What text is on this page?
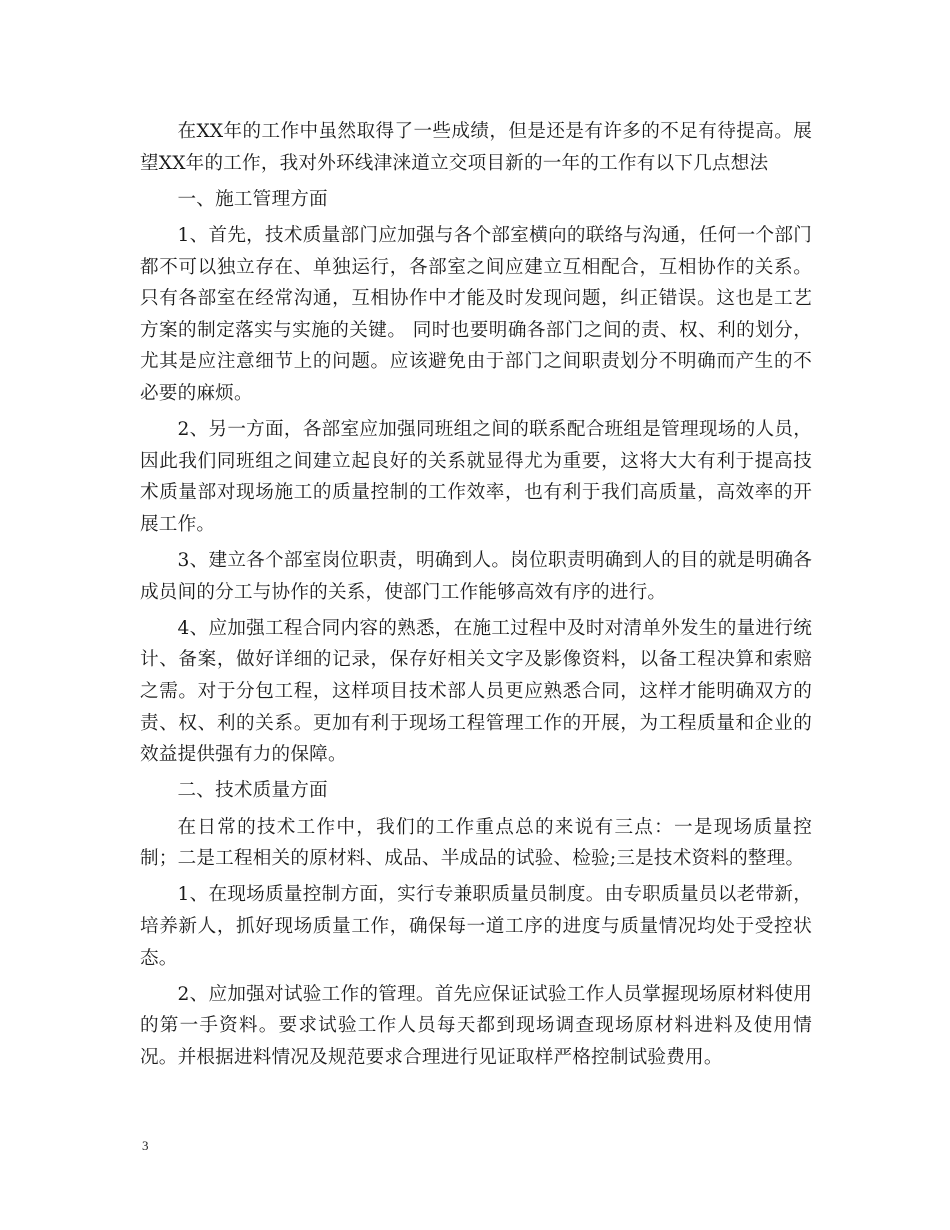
在XX年的工作中虽然取得了一些成绩，但是还是有许多的不足有待提高。展望XX年的工作，我对外环线津涞道立交项目新的一年的工作有以下几点想法

一、施工管理方面

1、首先，技术质量部门应加强与各个部室横向的联络与沟通，任何一个部门都不可以独立存在、单独运行，各部室之间应建立互相配合，互相协作的关系。只有各部室在经常沟通，互相协作中才能及时发现问题，纠正错误。这也是工艺方案的制定落实与实施的关键。 同时也要明确各部门之间的责、权、利的划分，尤其是应注意细节上的问题。应该避免由于部门之间职责划分不明确而产生的不必要的麻烦。

2、另一方面，各部室应加强同班组之间的联系配合班组是管理现场的人员，因此我们同班组之间建立起良好的关系就显得尤为重要，这将大大有利于提高技术质量部对现场施工的质量控制的工作效率，也有利于我们高质量，高效率的开展工作。

3、建立各个部室岗位职责，明确到人。岗位职责明确到人的目的就是明确各成员间的分工与协作的关系，使部门工作能够高效有序的进行。

4、应加强工程合同内容的熟悉，在施工过程中及时对清单外发生的量进行统计、备案，做好详细的记录，保存好相关文字及影像资料，以备工程决算和索赔之需。对于分包工程，这样项目技术部人员更应熟悉合同，这样才能明确双方的责、权、利的关系。更加有利于现场工程管理工作的开展，为工程质量和企业的效益提供强有力的保障。

二、技术质量方面

在日常的技术工作中，我们的工作重点总的来说有三点：一是现场质量控制；二是工程相关的原材料、成品、半成品的试验、检验;三是技术资料的整理。

1、在现场质量控制方面，实行专兼职质量员制度。由专职质量员以老带新，培养新人，抓好现场质量工作，确保每一道工序的进度与质量情况均处于受控状态。

2、应加强对试验工作的管理。首先应保证试验工作人员掌握现场原材料使用的第一手资料。要求试验工作人员每天都到现场调查现场原材料进料及使用情况。并根据进料情况及规范要求合理进行见证取样严格控制试验费用。

3
